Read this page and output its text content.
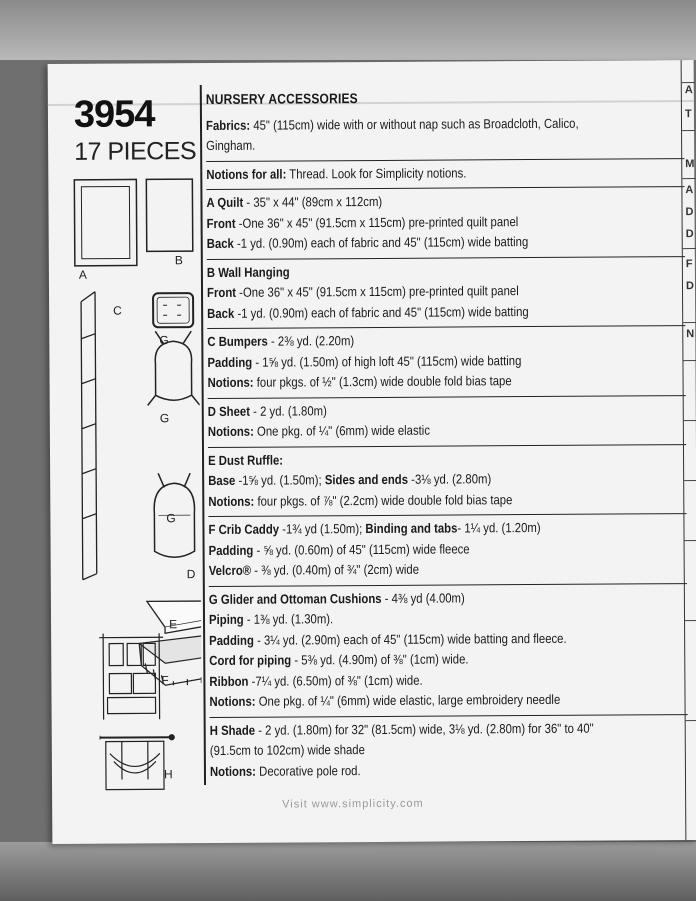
3954
17 PIECES
A
B
C
G
G
G
D
E
F
H
NURSERY ACCESSORIES
Fabrics: 45" (115cm) wide with or without nap such as Broadcloth, Calico,
Gingham.
Notions for all: Thread. Look for Simplicity notions.
A Quilt - 35" x 44" (89cm x 112cm)
Front -One 36" x 45" (91.5cm x 115cm) pre-printed quilt panel
Back -1 yd. (0.90m) each of fabric and 45" (115cm) wide batting
B Wall Hanging
Front -One 36" x 45" (91.5cm x 115cm) pre-printed quilt panel
Back -1 yd. (0.90m) each of fabric and 45" (115cm) wide batting
C Bumpers - 2⅜ yd. (2.20m)
Padding - 1⅝ yd. (1.50m) of high loft 45" (115cm) wide batting
Notions: four pkgs. of ½" (1.3cm) wide double fold bias tape
D Sheet - 2 yd. (1.80m)
Notions: One pkg. of ¼" (6mm) wide elastic
E Dust Ruffle:
Base -1⅝ yd. (1.50m); Sides and ends -3⅛ yd. (2.80m)
Notions: four pkgs. of ⅞" (2.2cm) wide double fold bias tape
F Crib Caddy -1¾ yd (1.50m); Binding and tabs- 1¼ yd. (1.20m)
Padding - ⅝ yd. (0.60m) of 45" (115cm) wide fleece
Velcro® - ⅜ yd. (0.40m) of ¾" (2cm) wide
G Glider and Ottoman Cushions - 4⅜ yd (4.00m)
Piping - 1⅜ yd. (1.30m).
Padding - 3¼ yd. (2.90m) each of 45" (115cm) wide batting and fleece.
Cord for piping - 5⅜ yd. (4.90m) of ⅜" (1cm) wide.
Ribbon -7¼ yd. (6.50m) of ⅜" (1cm) wide.
Notions: One pkg. of ¼" (6mm) wide elastic, large embroidery needle
H Shade - 2 yd. (1.80m) for 32" (81.5cm) wide, 3⅛ yd. (2.80m) for 36" to 40"
(91.5cm to 102cm) wide shade
Notions: Decorative pole rod.
A
T
M
A
D
D
F
D
N
Visit www.simplicity.com
